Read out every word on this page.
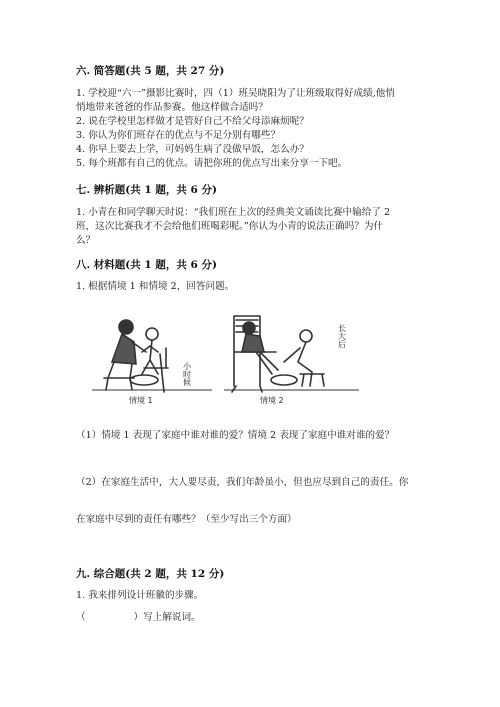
六. 简答题(共 5 题，共 27 分)
1. 学校迎“六一”摄影比赛时，四（1）班吴晓阳为了让班级取得好成绩,他悄
悄地带来爸爸的作品参赛。他这样做合适吗？
2. 说在学校里怎样做才是管好自己不给父母添麻烦呢？
3. 你认为你们班存在的优点与不足分别有哪些？
4. 你早上要去上学，可妈妈生病了没做早饭，怎么办？
5. 每个班都有自己的优点。请把你班的优点写出来分享一下吧。
七. 辨析题(共 1 题，共 6 分)
1. 小青在和同学聊天时说：“我们班在上次的经典美文诵读比赛中输给了 2
班，这次比赛我才不会给他们班喝彩呢。”你认为小青的说法正确吗？为什
么？
八. 材料题(共 1 题，共 6 分)
1. 根据情境 1 和情境 2，回答问题。
小时候
长大后
情境 1	情境 2
（1）情境 1 表现了家庭中谁对谁的爱？情境 2 表现了家庭中谁对谁的爱？
（2）在家庭生活中，大人要尽责，我们年龄虽小，但也应尽到自己的责任。你
在家庭中尽到的责任有哪些？（至少写出三个方面）
九. 综合题(共 2 题，共 12 分)
1. 我来排列设计班徽的步骤。
（　　　　　）写上解说词。
